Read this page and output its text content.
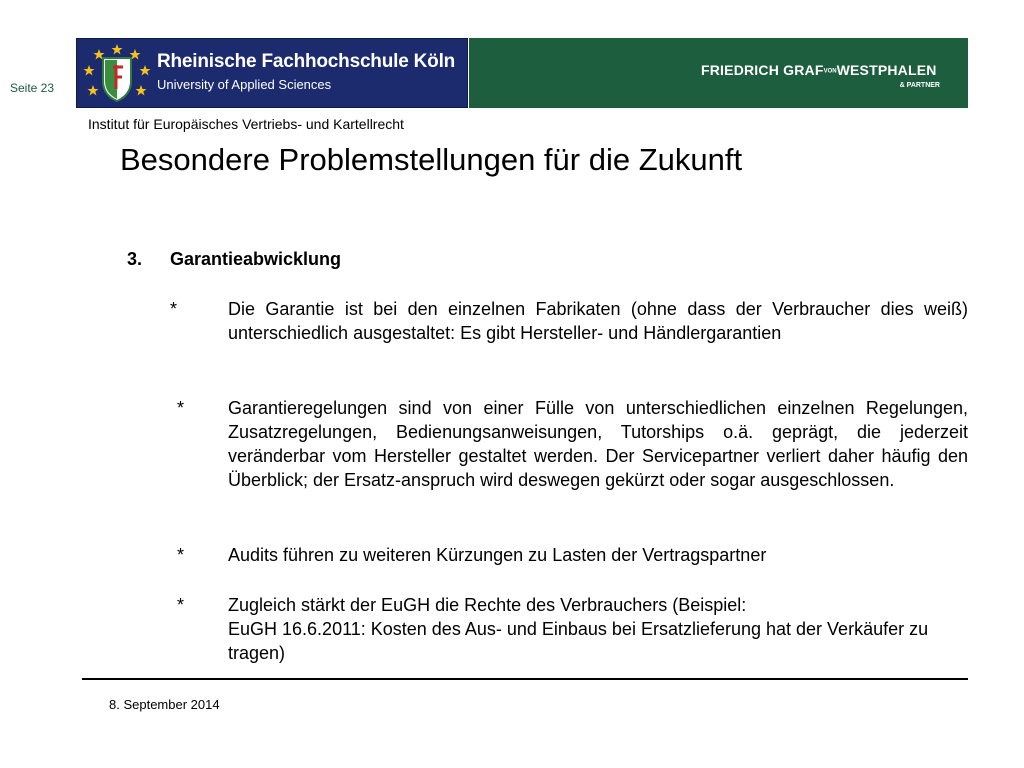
Seite 23
Rheinische Fachhochschule Köln
University of Applied Sciences
FRIEDRICH GRAFVONWESTPHALEN
& PARTNER
Institut für Europäisches Vertriebs- und Kartellrecht
Besondere Problemstellungen für die Zukunft
3. Garantieabwicklung
*	Die Garantie ist bei den einzelnen Fabrikaten (ohne dass der Verbraucher dies weiß) unterschiedlich ausgestaltet: Es gibt Hersteller- und Händlergarantien
* Garantieregelungen sind von einer Fülle von unterschiedlichen einzelnen Regelungen, Zusatzregelungen, Bedienungsanweisungen, Tutorships o.ä. geprägt, die jederzeit veränderbar vom Hersteller gestaltet werden. Der Servicepartner verliert daher häufig den Überblick; der Ersatz-anspruch wird deswegen gekürzt oder sogar ausgeschlossen.
* Audits führen zu weiteren Kürzungen zu Lasten der Vertragspartner
* Zugleich stärkt der EuGH die Rechte des Verbrauchers (Beispiel:
EuGH 16.6.2011: Kosten des Aus- und Einbaus bei Ersatzlieferung hat der Verkäufer zu tragen)
8. September 2014
